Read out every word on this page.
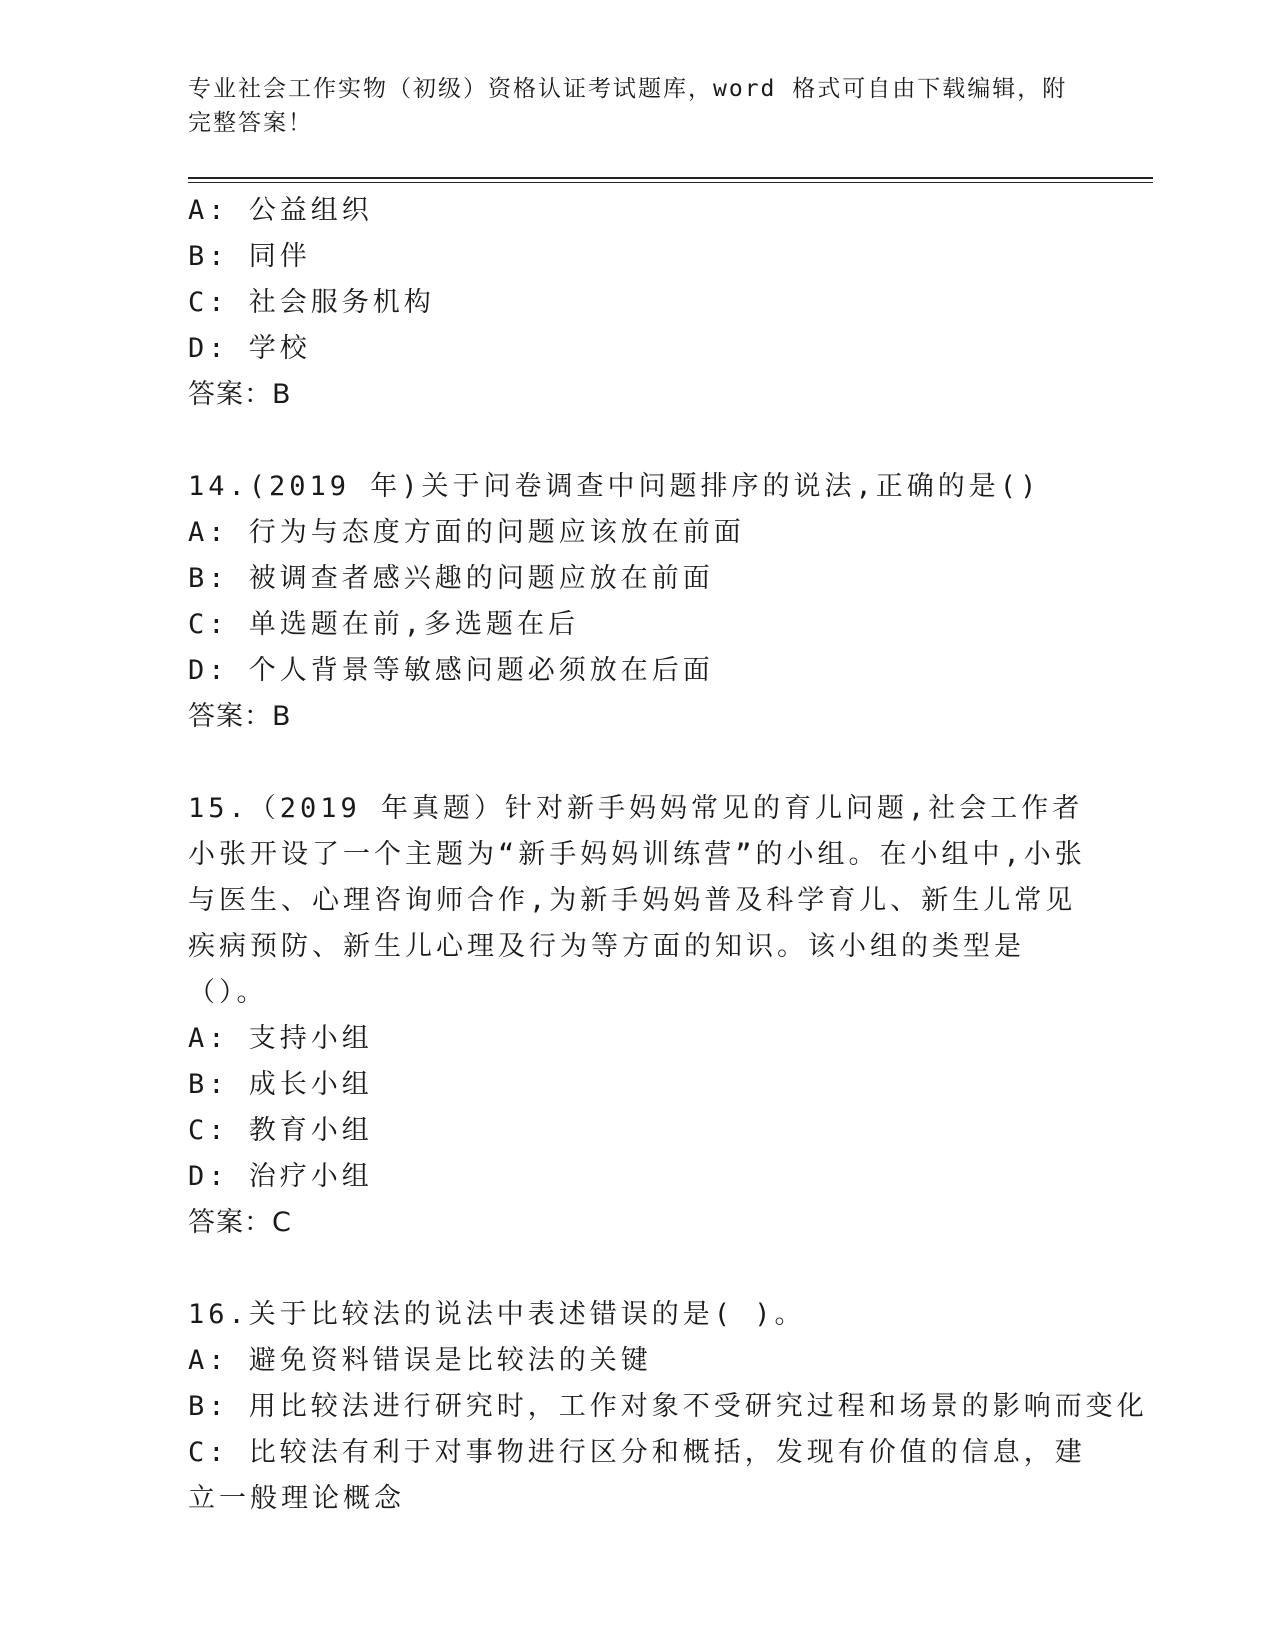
专业社会工作实物（初级）资格认证考试题库，word 格式可自由下载编辑，附完整答案！
A: 公益组织
B: 同伴
C: 社会服务机构
D: 学校
答案：B
14.(2019 年)关于问卷调查中问题排序的说法,正确的是()
A: 行为与态度方面的问题应该放在前面
B: 被调查者感兴趣的问题应放在前面
C: 单选题在前,多选题在后
D: 个人背景等敏感问题必须放在后面
答案：B
15.（2019 年真题）针对新手妈妈常见的育儿问题,社会工作者小张开设了一个主题为“新手妈妈训练营”的小组。在小组中,小张与医生、心理咨询师合作,为新手妈妈普及科学育儿、新生儿常见疾病预防、新生儿心理及行为等方面的知识。该小组的类型是（）。
A: 支持小组
B: 成长小组
C: 教育小组
D: 治疗小组
答案：C
16.关于比较法的说法中表述错误的是( )。
A: 避免资料错误是比较法的关键
B: 用比较法进行研究时，工作对象不受研究过程和场景的影响而变化
C: 比较法有利于对事物进行区分和概括，发现有价值的信息，建立一般理论概念
